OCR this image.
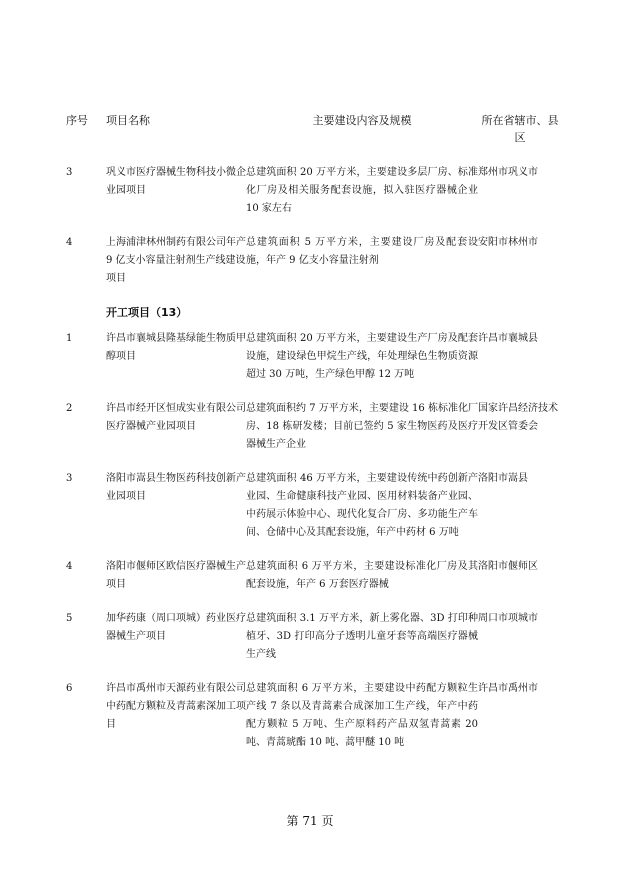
序号	项目名称	主要建设内容及规模	所在省辖市、县区
3	巩义市医疗器械生物科技小微企业园项目	总建筑面积 20 万平方米，主要建设多层厂房、标准化厂房及相关服务配套设施，拟入驻医疗器械企业 10 家左右	郑州市巩义市
4	上海浦津林州制药有限公司年产 9 亿支小容量注射剂生产线建设项目	总建筑面积 5 万平方米，主要建设厂房及配套设施，年产 9 亿支小容量注射剂	安阳市林州市
开工项目（13）			
1	许昌市襄城县隆基绿能生物质甲醇项目	总建筑面积 20 万平方米，主要建设生产厂房及配套设施，建设绿色甲烷生产线，年处理绿色生物质资源超过 30 万吨，生产绿色甲醇 12 万吨	许昌市襄城县
2	许昌市经开区恒成实业有限公司医疗器械产业园项目	总建筑面积约 7 万平方米，主要建设 16 栋标准化厂房、18 栋研发楼；目前已签约 5 家生物医药及医疗器械生产企业	国家许昌经济技术开发区管委会
3	洛阳市嵩县生物医药科技创新产业园项目	总建筑面积 46 万平方米，主要建设传统中药创新产业园、生命健康科技产业园、医用材料装备产业园、中药展示体验中心、现代化复合厂房、多功能生产车间、仓储中心及其配套设施，年产中药材 6 万吨	洛阳市嵩县
4	洛阳市偃师区欧信医疗器械生产项目	总建筑面积 6 万平方米，主要建设标准化厂房及其配套设施，年产 6 万套医疗器械	洛阳市偃师区
5	加华药康（周口项城）药业医疗器械生产项目	总建筑面积 3.1 万平方米，新上雾化器、3D 打印种植牙、3D 打印高分子透明儿童牙套等高端医疗器械生产线	周口市项城市
6	许昌市禹州市天源药业有限公司中药配方颗粒及青蒿素深加工项目	总建筑面积 6 万平方米，主要建设中药配方颗粒生产线 7 条以及青蒿素合成深加工生产线，年产中药配方颗粒 5 万吨、生产原料药产品双氢青蒿素 20 吨、青蒿琥酯 10 吨、蒿甲醚 10 吨	许昌市禹州市
第 71 页
